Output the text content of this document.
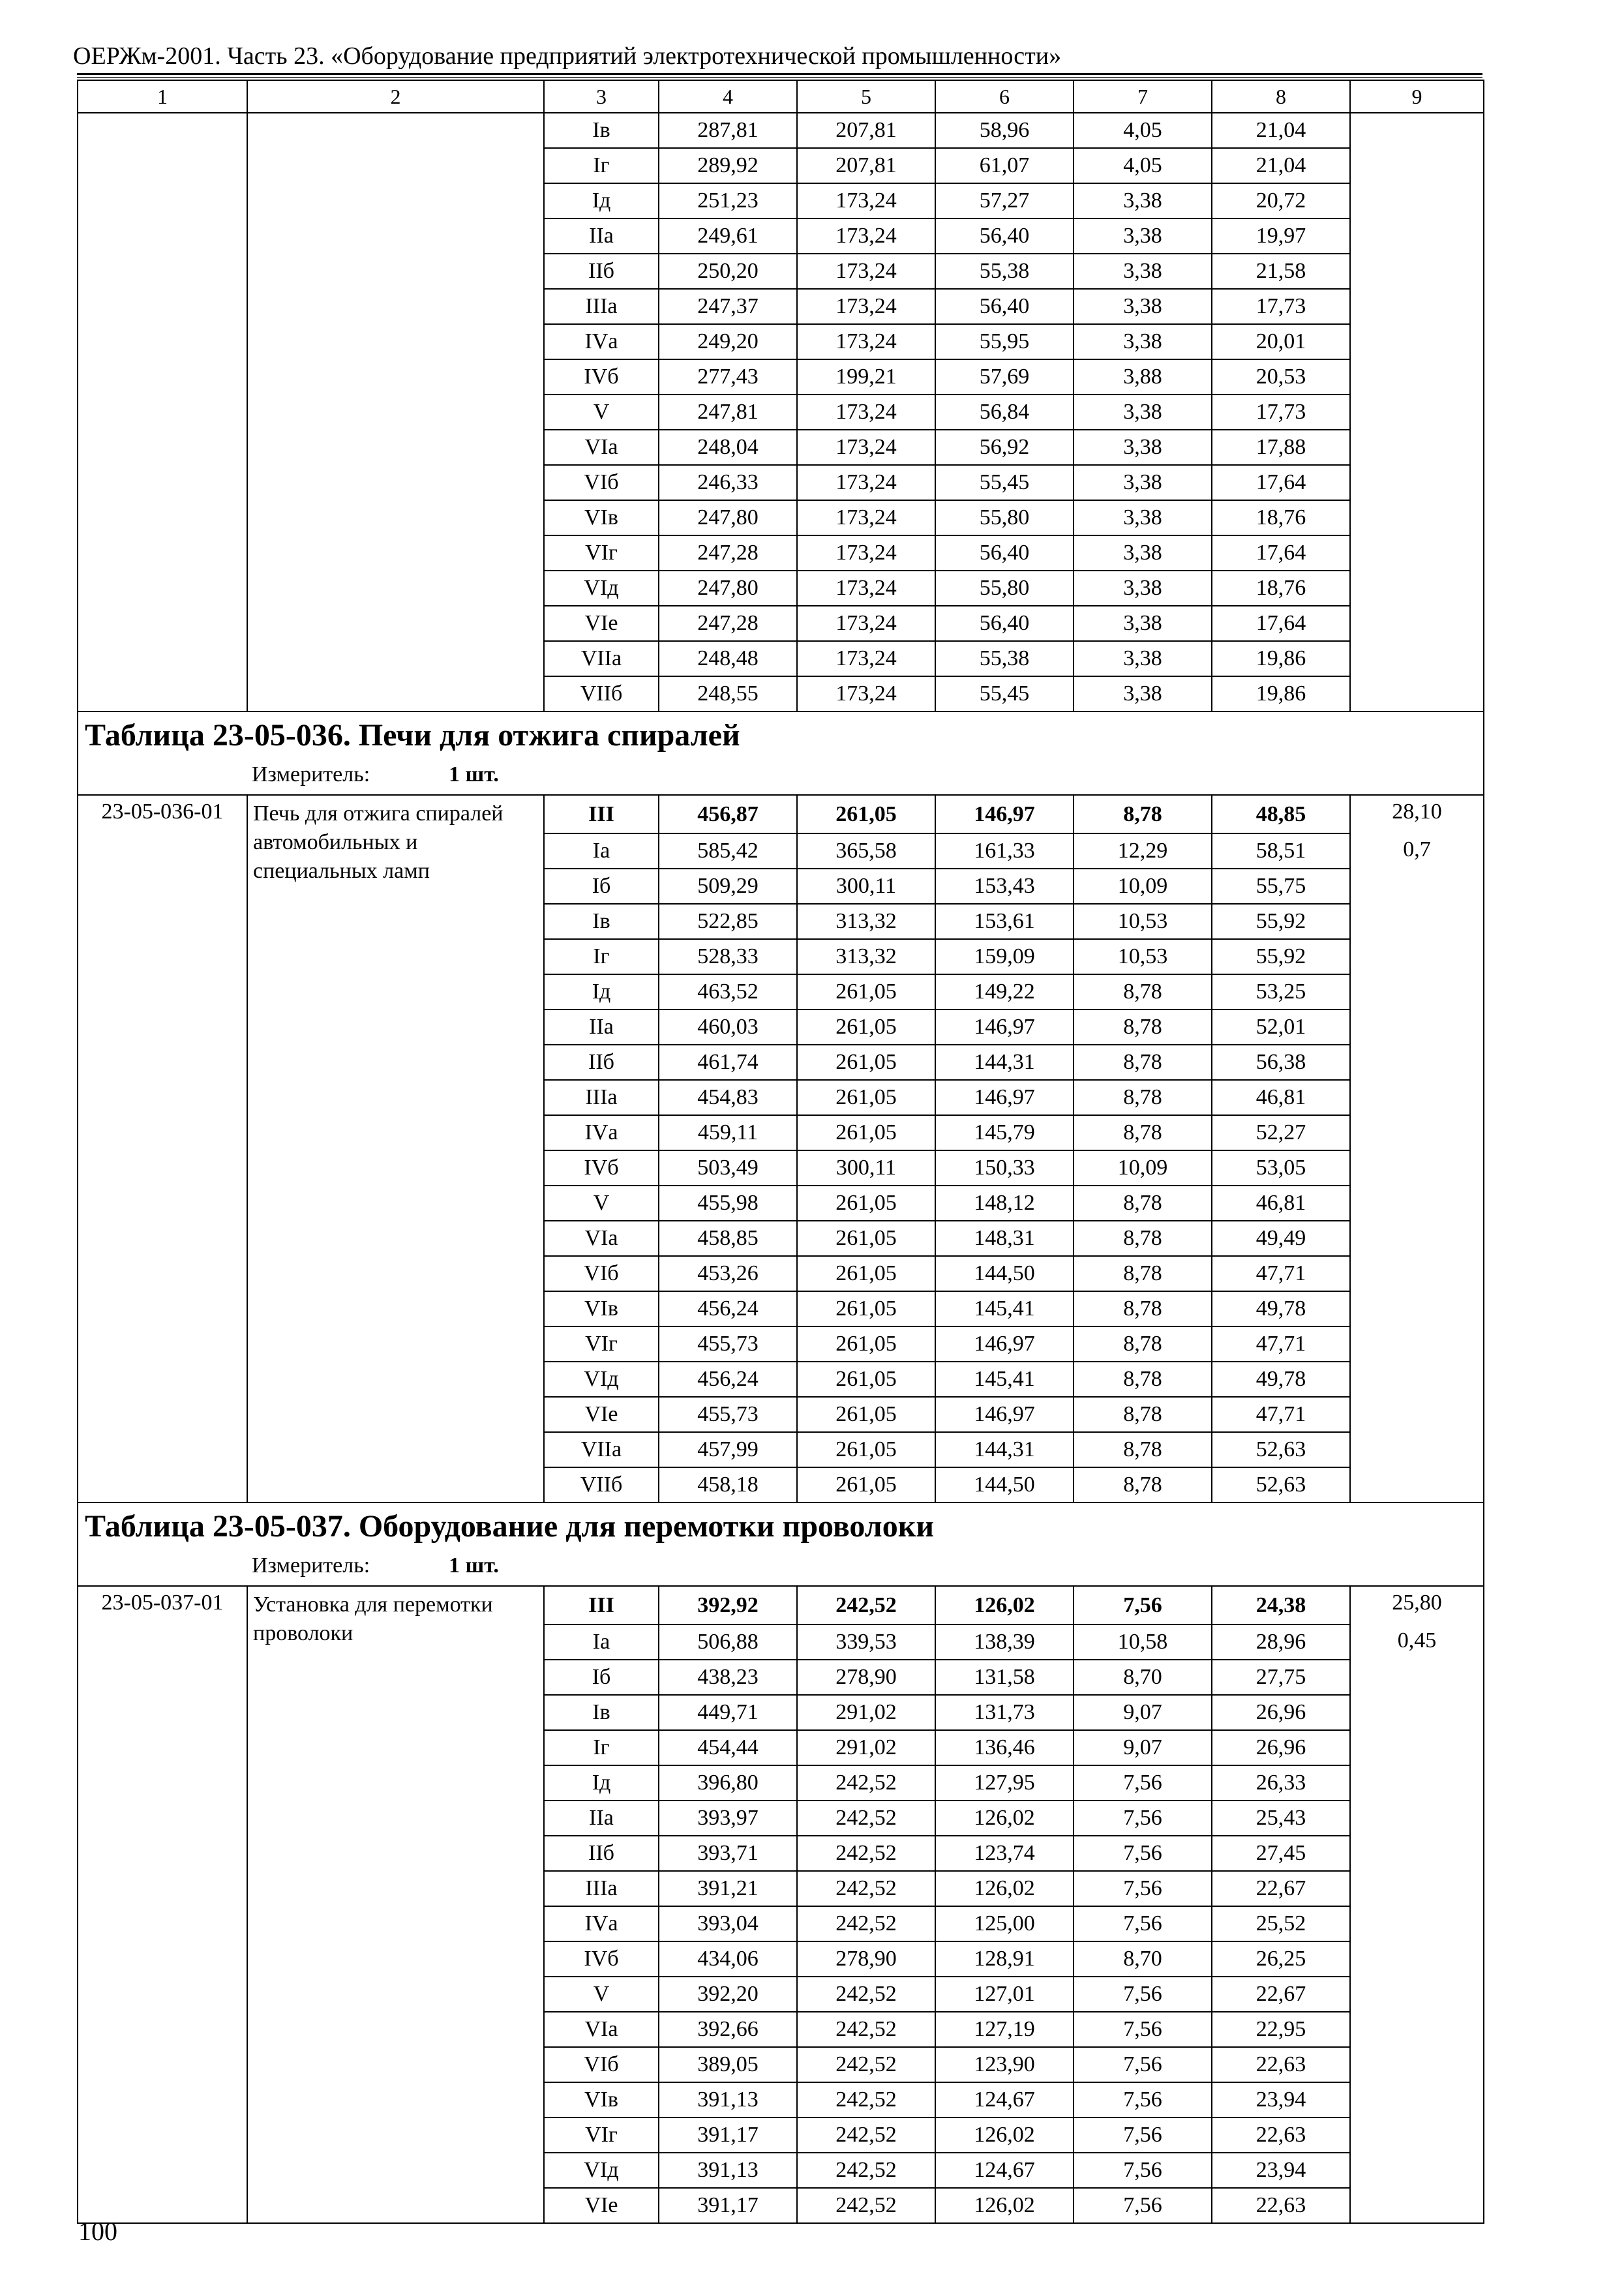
ОЕРЖм-2001. Часть 23. «Оборудование предприятий электротехнической промышленности»
1	2	3	4	5	6	7	8	9
		Iв	287,81	207,81	58,96	4,05	21,04	
		Iг	289,92	207,81	61,07	4,05	21,04	
		Iд	251,23	173,24	57,27	3,38	20,72	
		IIа	249,61	173,24	56,40	3,38	19,97	
		IIб	250,20	173,24	55,38	3,38	21,58	
		IIIа	247,37	173,24	56,40	3,38	17,73	
		IVа	249,20	173,24	55,95	3,38	20,01	
		IVб	277,43	199,21	57,69	3,88	20,53	
		V	247,81	173,24	56,84	3,38	17,73	
		VIа	248,04	173,24	56,92	3,38	17,88	
		VIб	246,33	173,24	55,45	3,38	17,64	
		VIв	247,80	173,24	55,80	3,38	18,76	
		VIг	247,28	173,24	56,40	3,38	17,64	
		VIд	247,80	173,24	55,80	3,38	18,76	
		VIе	247,28	173,24	56,40	3,38	17,64	
		VIIа	248,48	173,24	55,38	3,38	19,86	
		VIIб	248,55	173,24	55,45	3,38	19,86	

Таблица 23-05-036. Печи для отжига спиралей
Измеритель: 1 шт.								

23-05-036-01	Печь для отжига спиралей автомобильных и специальных ламп	III	456,87	261,05	146,97	8,78	48,85	28,10
		Iа	585,42	365,58	161,33	12,29	58,51	0,7
		Iб	509,29	300,11	153,43	10,09	55,75	
		Iв	522,85	313,32	153,61	10,53	55,92	
		Iг	528,33	313,32	159,09	10,53	55,92	
		Iд	463,52	261,05	149,22	8,78	53,25	
		IIа	460,03	261,05	146,97	8,78	52,01	
		IIб	461,74	261,05	144,31	8,78	56,38	
		IIIа	454,83	261,05	146,97	8,78	46,81	
		IVа	459,11	261,05	145,79	8,78	52,27	
		IVб	503,49	300,11	150,33	10,09	53,05	
		V	455,98	261,05	148,12	8,78	46,81	
		VIа	458,85	261,05	148,31	8,78	49,49	
		VIб	453,26	261,05	144,50	8,78	47,71	
		VIв	456,24	261,05	145,41	8,78	49,78	
		VIг	455,73	261,05	146,97	8,78	47,71	
		VIд	456,24	261,05	145,41	8,78	49,78	
		VIе	455,73	261,05	146,97	8,78	47,71	
		VIIа	457,99	261,05	144,31	8,78	52,63	
		VIIб	458,18	261,05	144,50	8,78	52,63	

Таблица 23-05-037. Оборудование для перемотки проволоки
Измеритель: 1 шт.								

23-05-037-01	Установка для перемотки проволоки	III	392,92	242,52	126,02	7,56	24,38	25,80
		Iа	506,88	339,53	138,39	10,58	28,96	0,45
		Iб	438,23	278,90	131,58	8,70	27,75	
		Iв	449,71	291,02	131,73	9,07	26,96	
		Iг	454,44	291,02	136,46	9,07	26,96	
		Iд	396,80	242,52	127,95	7,56	26,33	
		IIа	393,97	242,52	126,02	7,56	25,43	
		IIб	393,71	242,52	123,74	7,56	27,45	
		IIIа	391,21	242,52	126,02	7,56	22,67	
		IVа	393,04	242,52	125,00	7,56	25,52	
		IVб	434,06	278,90	128,91	8,70	26,25	
		V	392,20	242,52	127,01	7,56	22,67	
		VIа	392,66	242,52	127,19	7,56	22,95	
		VIб	389,05	242,52	123,90	7,56	22,63	
		VIв	391,13	242,52	124,67	7,56	23,94	
		VIг	391,17	242,52	126,02	7,56	22,63	
		VIд	391,13	242,52	124,67	7,56	23,94	
		VIе	391,17	242,52	126,02	7,56	22,63	
100
